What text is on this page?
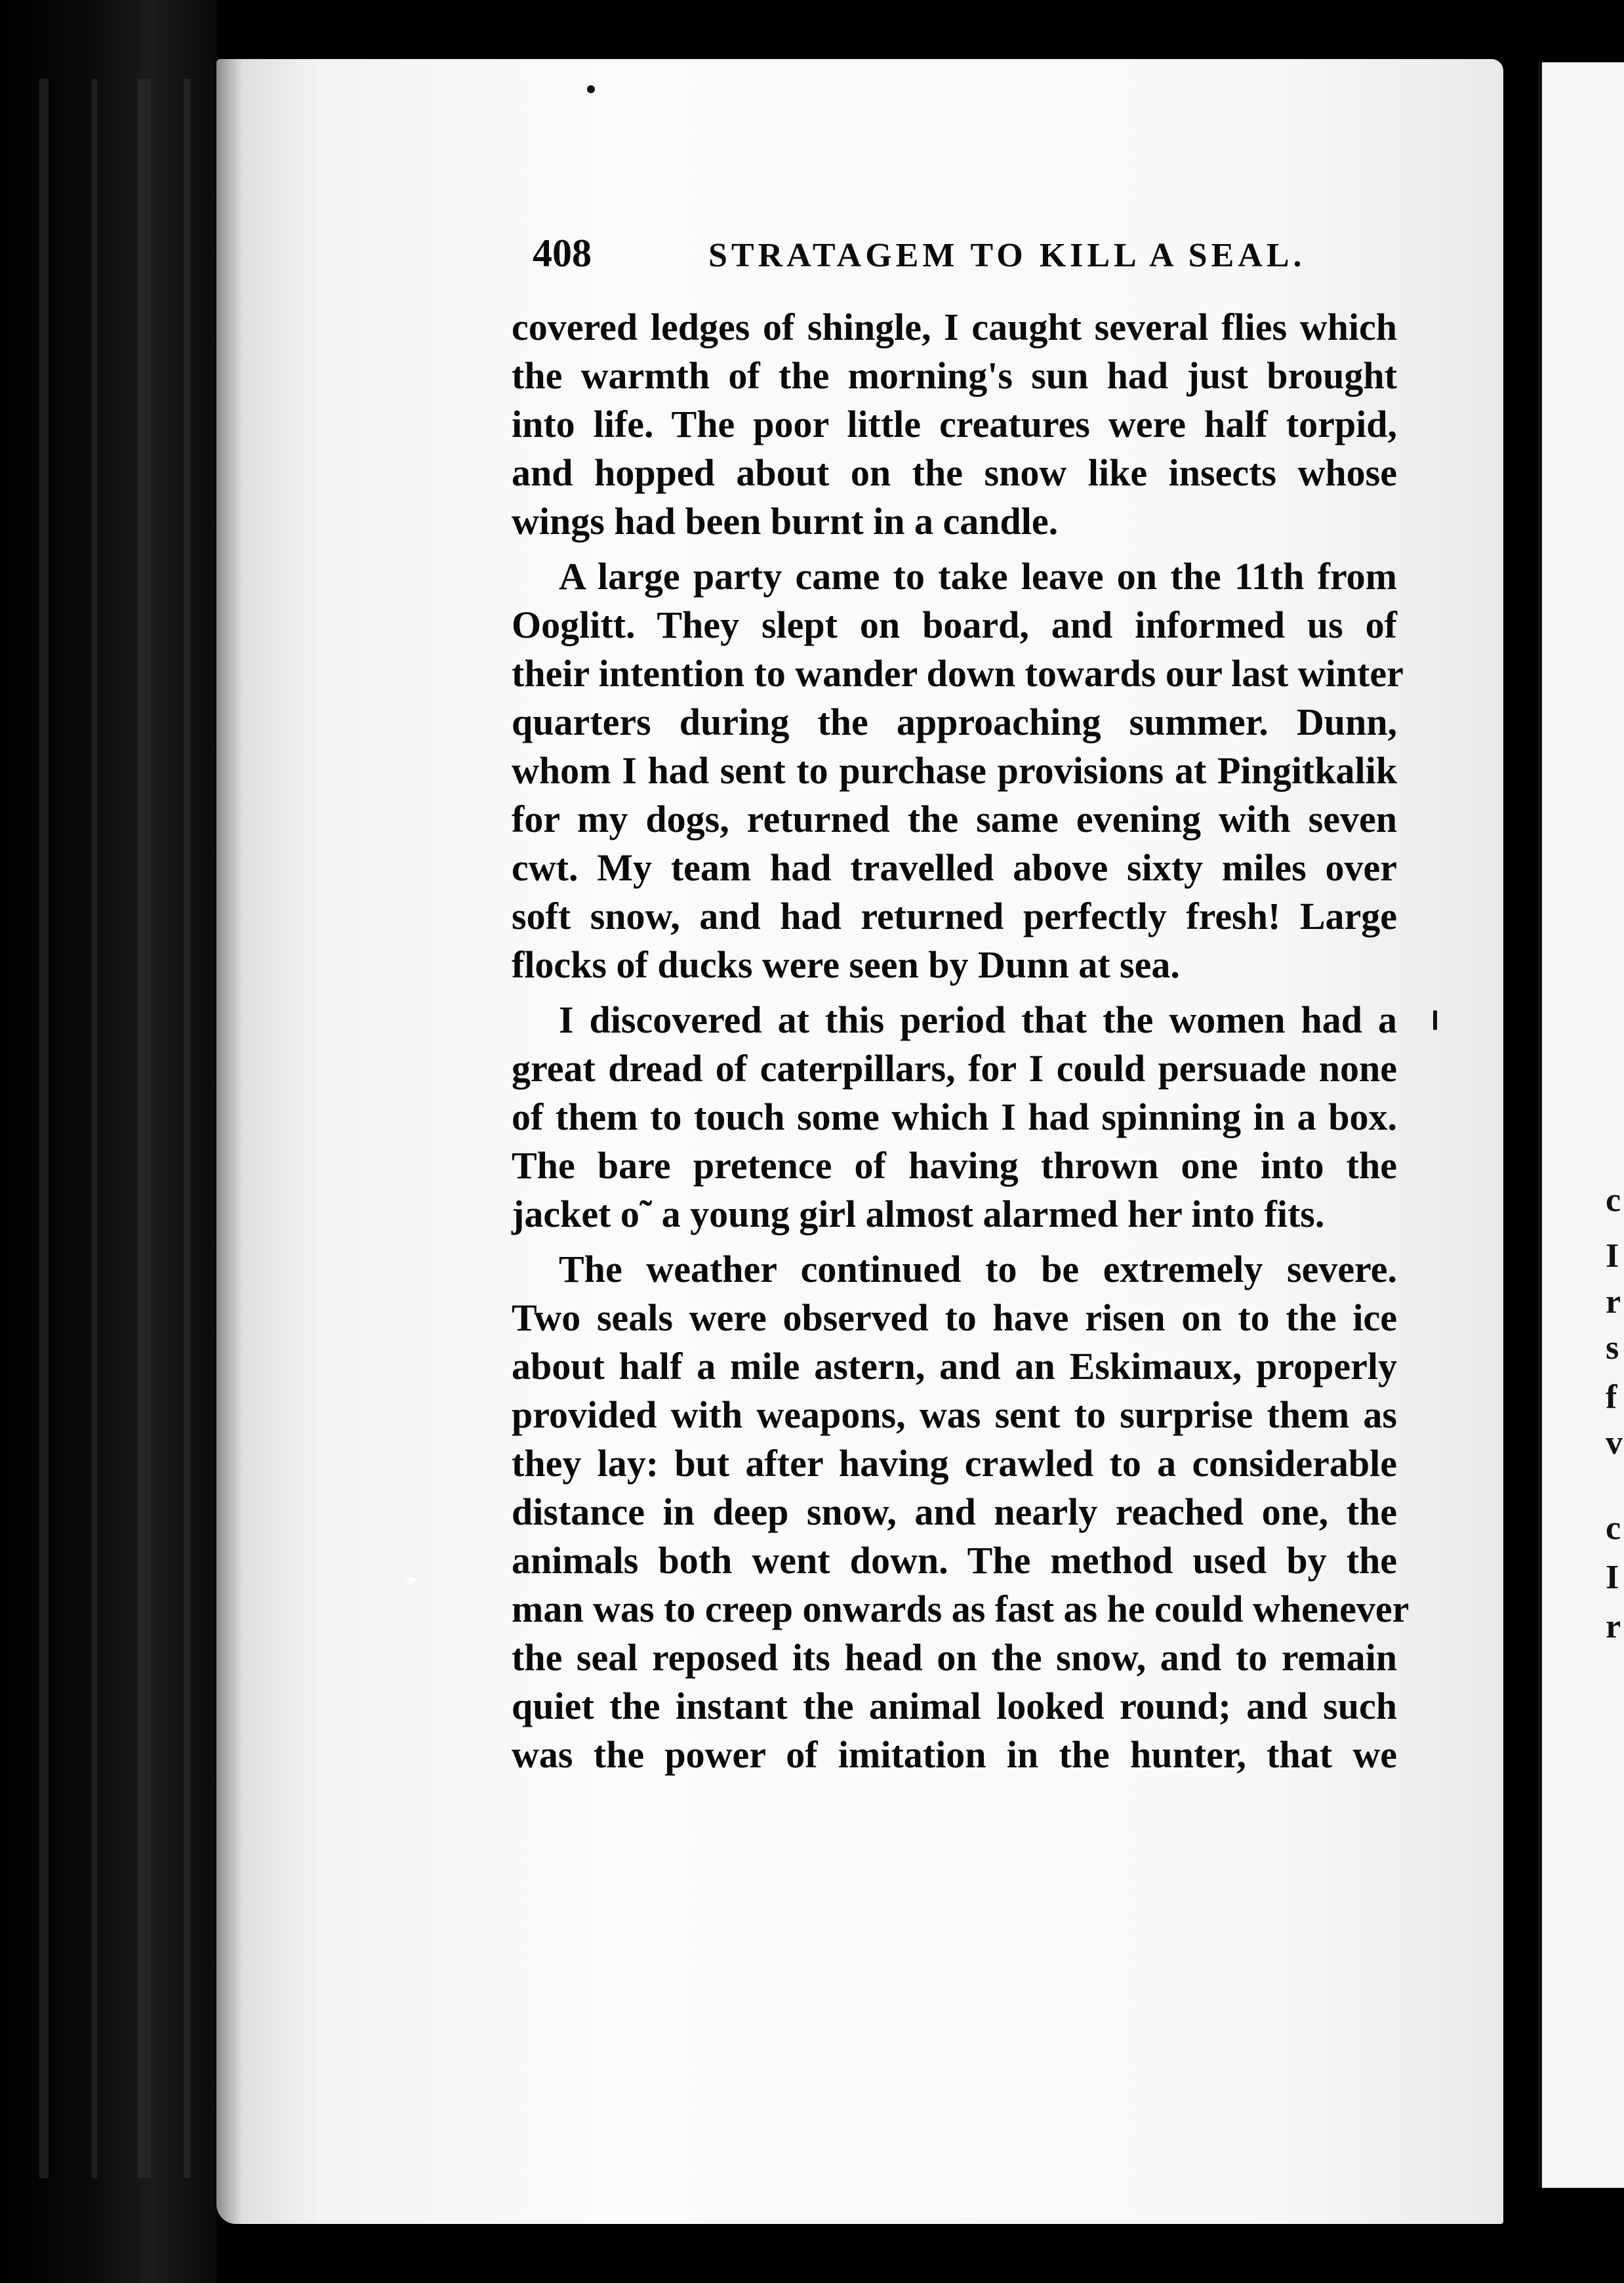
c
I
r
s
f
v
c
I
r
408	STRATAGEM TO KILL A SEAL.
covered ledges of shingle, I caught several flies which
the warmth of the morning's sun had just brought
into life. The poor little creatures were half torpid,
and hopped about on the snow like insects whose
wings had been burnt in a candle.
A large party came to take leave on the 11th from
Ooglitt. They slept on board, and informed us of
their intention to wander down towards our last winter
quarters during the approaching summer. Dunn,
whom I had sent to purchase provisions at Pingitkalik
for my dogs, returned the same evening with seven
cwt. My team had travelled above sixty miles over
soft snow, and had returned perfectly fresh! Large
flocks of ducks were seen by Dunn at sea.
I discovered at this period that the women had a
great dread of caterpillars, for I could persuade none
of them to touch some which I had spinning in a box.
The bare pretence of having thrown one into the
jacket o˜ a young girl almost alarmed her into fits.
The weather continued to be extremely severe.
Two seals were observed to have risen on to the ice
about half a mile astern, and an Eskimaux, properly
provided with weapons, was sent to surprise them as
they lay: but after having crawled to a considerable
distance in deep snow, and nearly reached one, the
animals both went down. The method used by the
man was to creep onwards as fast as he could whenever
the seal reposed its head on the snow, and to remain
quiet the instant the animal looked round; and such
was the power of imitation in the hunter, that we
